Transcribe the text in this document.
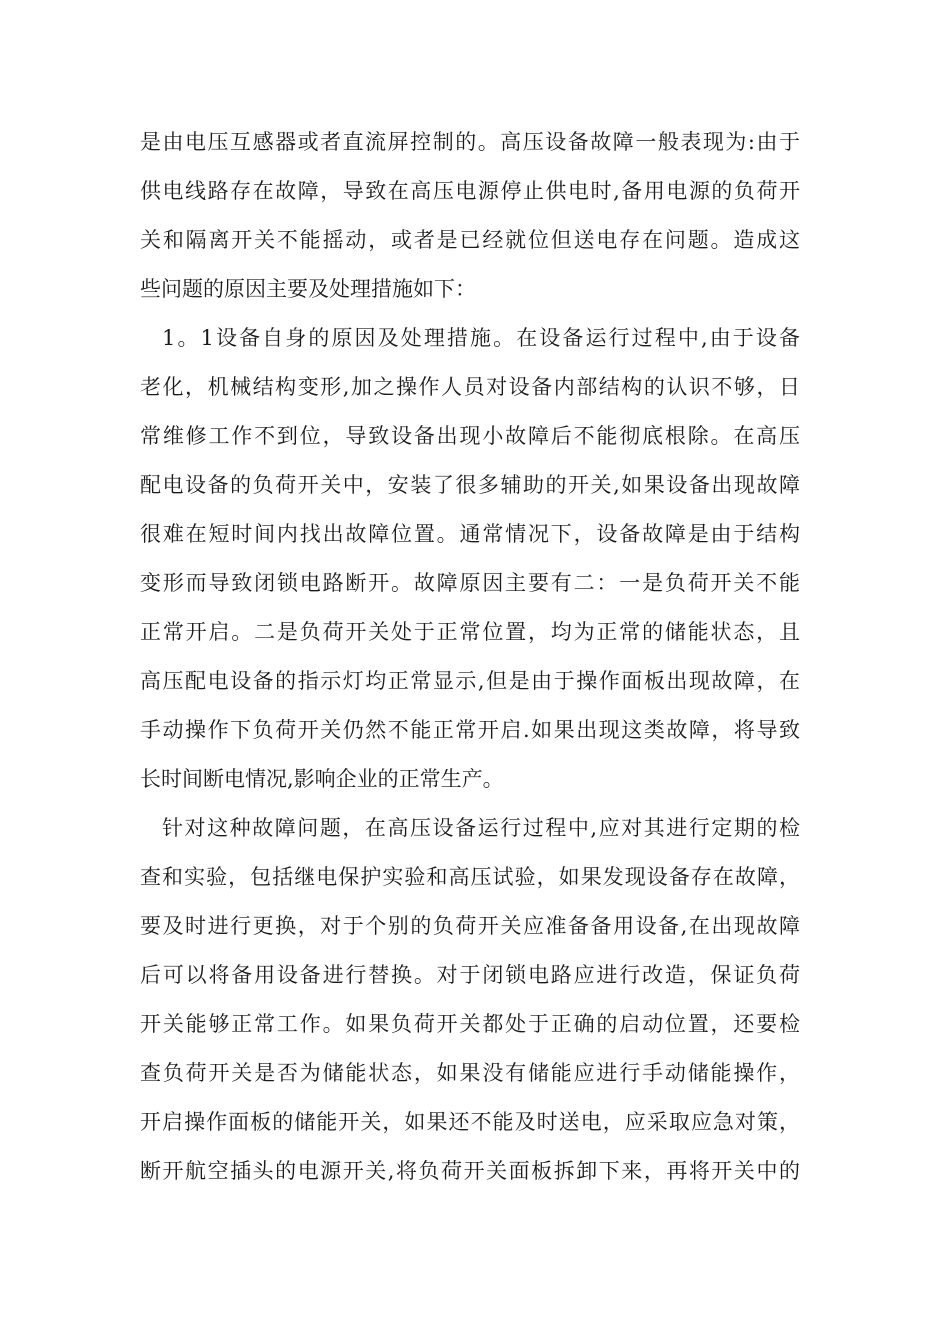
是由电压互感器或者直流屏控制的。高压设备故障一般表现为:由于
供电线路存在故障，导致在高压电源停止供电时,备用电源的负荷开
关和隔离开关不能摇动，或者是已经就位但送电存在问题。造成这
些问题的原因主要及处理措施如下：
1。1设备自身的原因及处理措施。在设备运行过程中,由于设备
老化，机械结构变形,加之操作人员对设备内部结构的认识不够，日
常维修工作不到位，导致设备出现小故障后不能彻底根除。在高压
配电设备的负荷开关中，安装了很多辅助的开关,如果设备出现故障
很难在短时间内找出故障位置。通常情况下，设备故障是由于结构
变形而导致闭锁电路断开。故障原因主要有二：一是负荷开关不能
正常开启。二是负荷开关处于正常位置，均为正常的储能状态，且
高压配电设备的指示灯均正常显示,但是由于操作面板出现故障，在
手动操作下负荷开关仍然不能正常开启.如果出现这类故障，将导致
长时间断电情况,影响企业的正常生产。
针对这种故障问题，在高压设备运行过程中,应对其进行定期的检
查和实验，包括继电保护实验和高压试验，如果发现设备存在故障，
要及时进行更换，对于个别的负荷开关应准备备用设备,在出现故障
后可以将备用设备进行替换。对于闭锁电路应进行改造，保证负荷
开关能够正常工作。如果负荷开关都处于正确的启动位置，还要检
查负荷开关是否为储能状态，如果没有储能应进行手动储能操作，
开启操作面板的储能开关，如果还不能及时送电，应采取应急对策，
断开航空插头的电源开关,将负荷开关面板拆卸下来，再将开关中的
